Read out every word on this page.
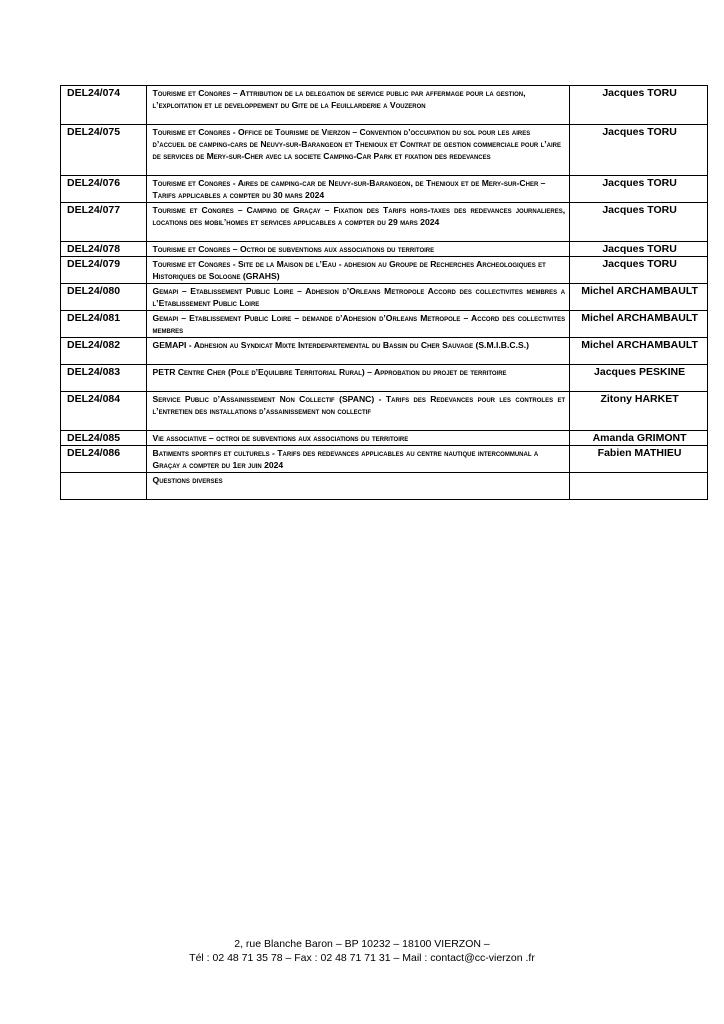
DEL24/074	Tourisme et Congres – Attribution de la delegation de service public par affermage pour la gestion, l’exploitation et le developpement du Gite de la Feuillarderie a Vouzeron	Jacques TORU

DEL24/075	Tourisme et Congres - Office de Tourisme de Vierzon – Convention d’occupation du sol pour les aires d’accueil de camping-cars de Neuvy-sur-Barangeon et Thenioux et Contrat de gestion commerciale pour l’aire de services de Mery-sur-Cher avec la societe Camping-Car Park et fixation des redevances	Jacques TORU

DEL24/076	Tourisme et Congres - Aires de camping-car de Neuvy-sur-Barangeon, de Thenioux et de Mery-sur-Cher – Tarifs applicables a compter du 30 mars 2024	Jacques TORU

DEL24/077	Tourisme et Congres – Camping de Graçay – Fixation des Tarifs hors-taxes des redevances journalieres, locations des mobil’homes et services applicables a compter du 29 mars 2024	Jacques TORU

DEL24/078	Tourisme et Congres – Octroi de subventions aux associations du territoire	Jacques TORU

DEL24/079	Tourisme et Congres - Site de la Maison de l’Eau - adhesion au Groupe de Recherches Archeologiques et Historiques de Sologne (GRAHS)	Jacques TORU

DEL24/080	Gemapi – Etablissement Public Loire – Adhesion d’Orleans Metropole Accord des collectivites membres a l’Etablissement Public Loire	Michel ARCHAMBAULT

DEL24/081	Gemapi – Etablissement Public Loire – demande d’Adhesion d’Orleans Metropole – Accord des collectivites membres	Michel ARCHAMBAULT

DEL24/082	GEMAPI - Adhesion au Syndicat Mixte Interdepartemental du Bassin du Cher Sauvage (S.M.I.B.C.S.)	Michel ARCHAMBAULT

DEL24/083	PETR Centre Cher (Pole d’Equilibre Territorial Rural) – Approbation du projet de territoire	Jacques PESKINE

DEL24/084	Service Public d’Assainissement Non Collectif (SPANC) - Tarifs des Redevances pour les controles et l’entretien des installations d’assainissement non collectif	Zitony HARKET

DEL24/085	Vie associative – octroi de subventions aux associations du territoire	Amanda GRIMONT

DEL24/086	Batiments sportifs et culturels - Tarifs des redevances applicables au centre nautique intercommunal a Graçay a compter du 1er juin 2024	Fabien MATHIEU

	Questions diverses	

2, rue Blanche Baron – BP 10232 – 18100 VIERZON –
Tél : 02 48 71 35 78 – Fax : 02 48 71 71 31 – Mail : contact@cc-vierzon .fr
